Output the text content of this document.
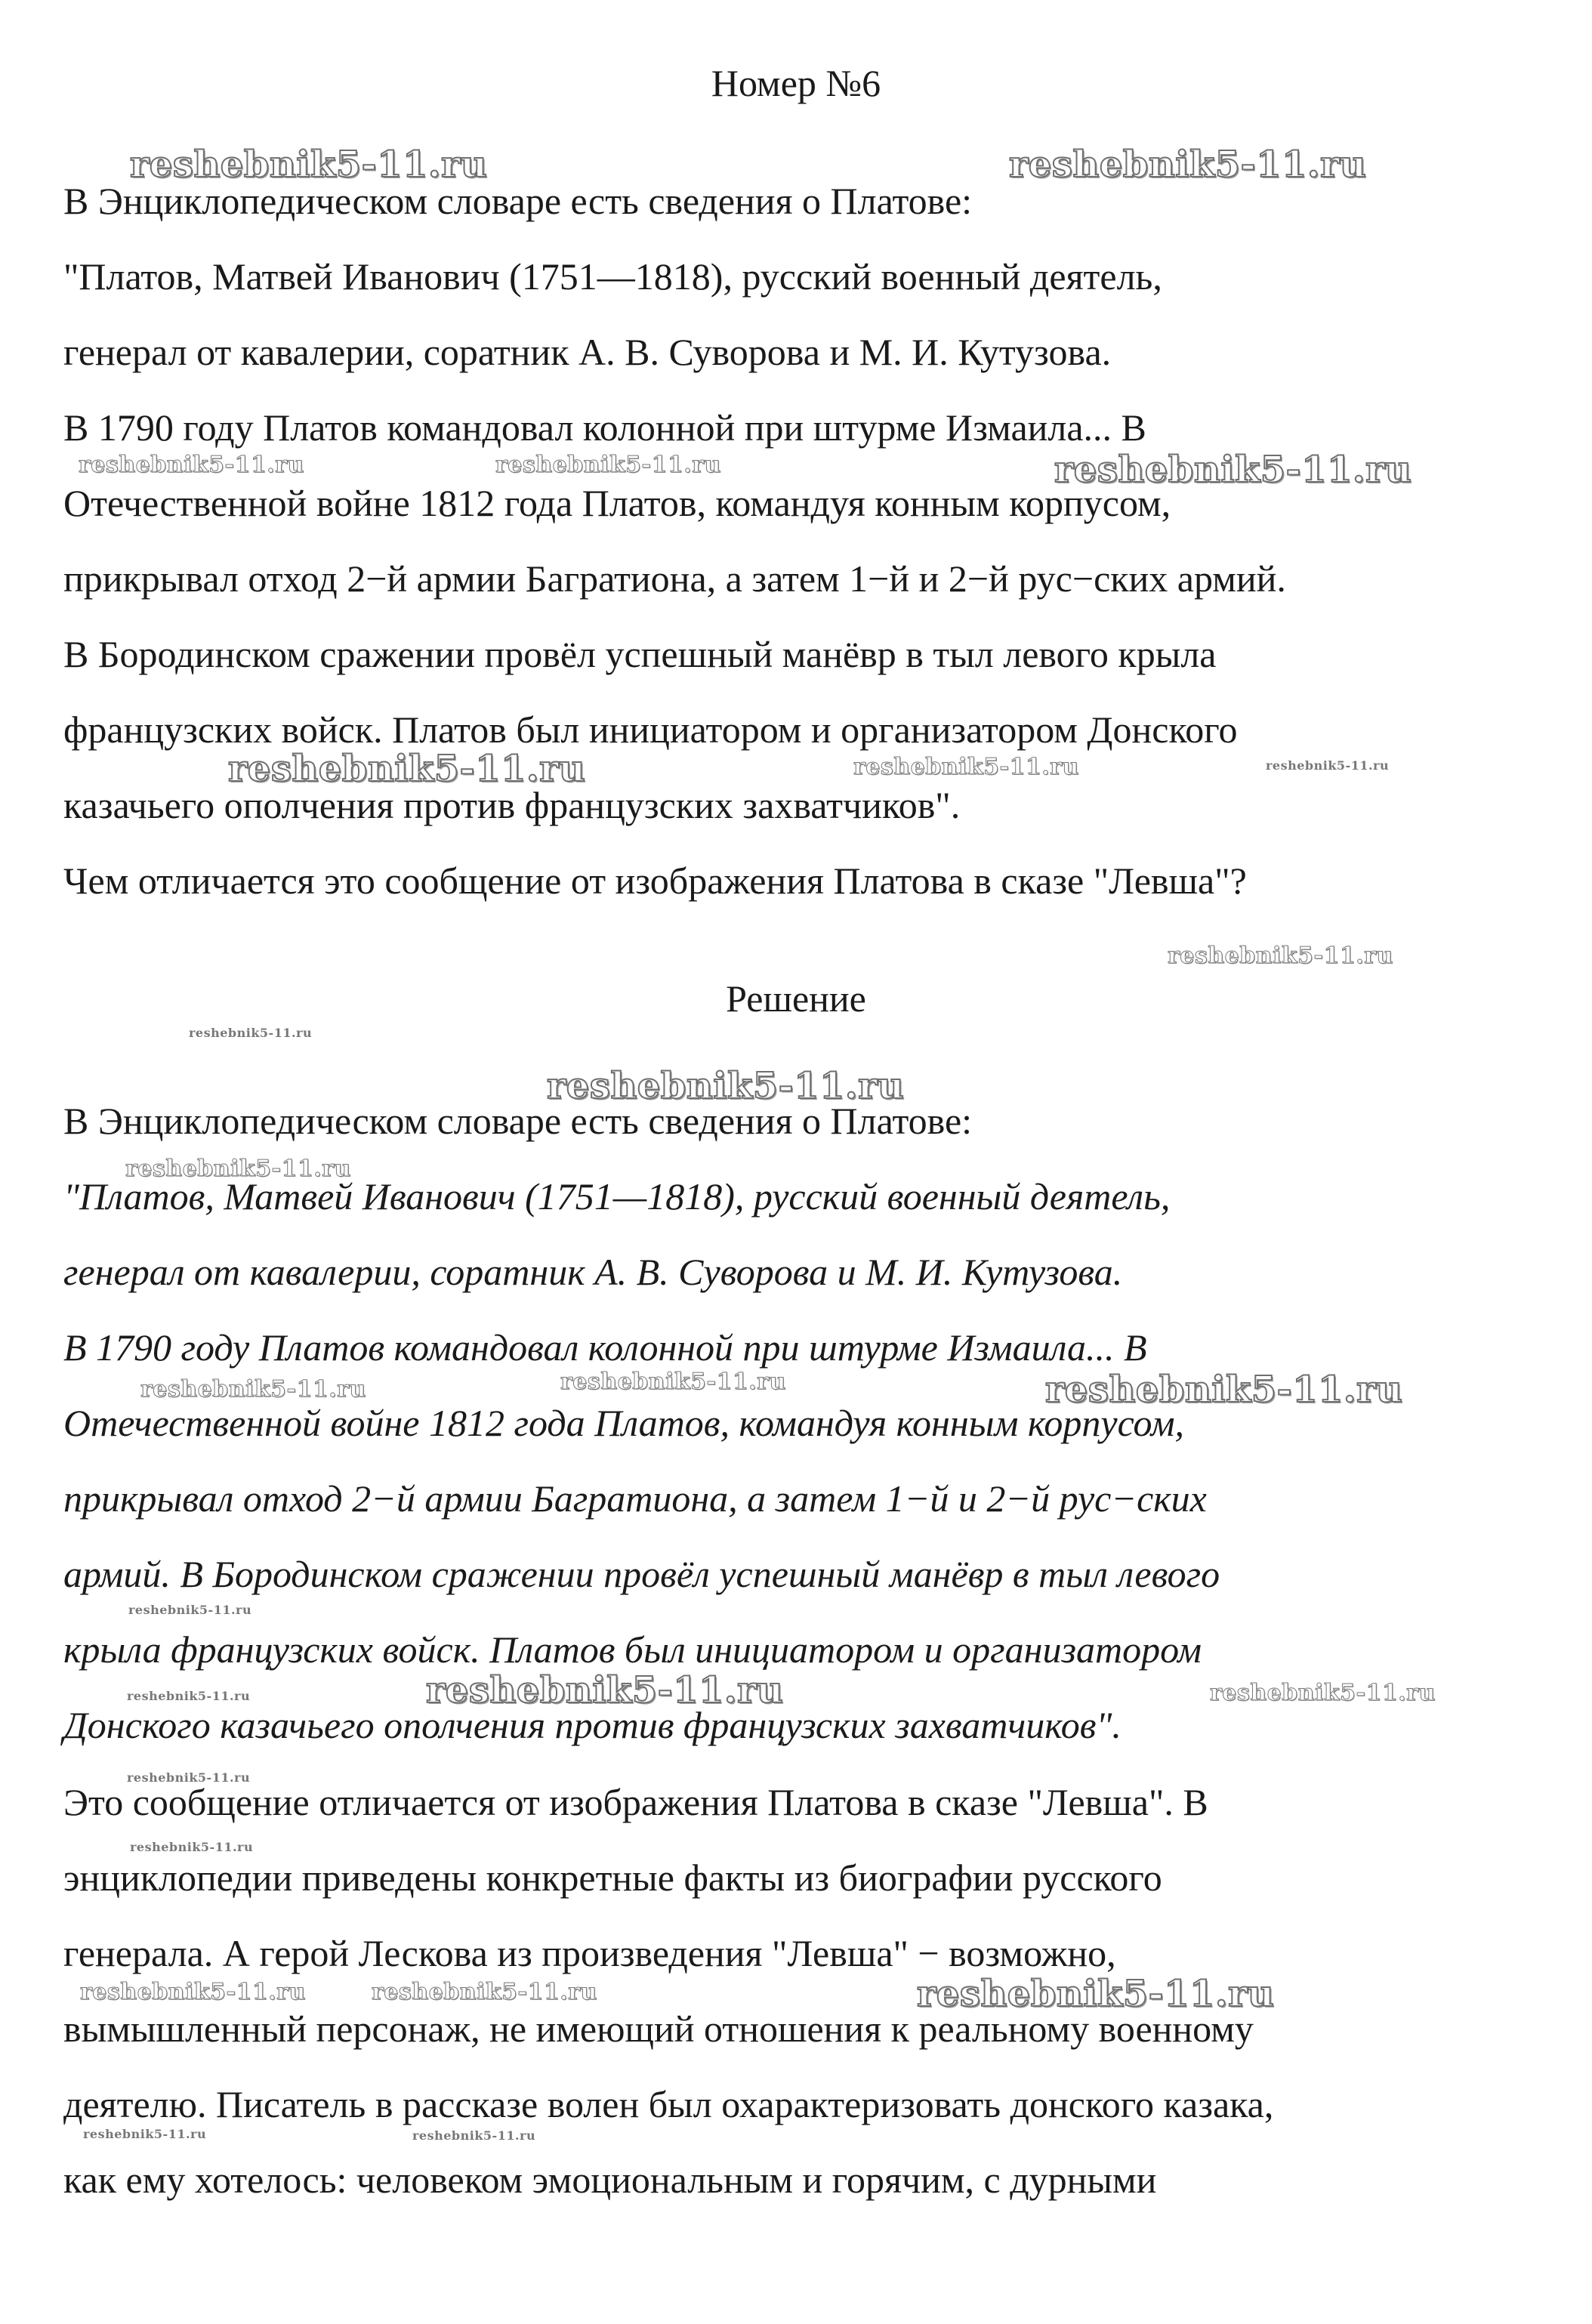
Номер №6
В Энциклопедическом словаре есть сведения о Платове:
"Платов, Матвей Иванович (1751—1818), русский военный деятель,
генерал от кавалерии, соратник А. В. Суворова и М. И. Кутузова.
В 1790 году Платов командовал колонной при штурме Измаила... В
Отечественной войне 1812 года Платов, командуя конным корпусом,
прикрывал отход 2−й армии Багратиона, а затем 1−й и 2−й рус−ских армий.
В Бородинском сражении провёл успешный манёвр в тыл левого крыла
французских войск. Платов был инициатором и организатором Донского
казачьего ополчения против французских захватчиков".
Чем отличается это сообщение от изображения Платова в сказе "Левша"?
Решение
В Энциклопедическом словаре есть сведения о Платове:
"Платов, Матвей Иванович (1751—1818), русский военный деятель,
генерал от кавалерии, соратник А. В. Суворова и М. И. Кутузова.
В 1790 году Платов командовал колонной при штурме Измаила... В
Отечественной войне 1812 года Платов, командуя конным корпусом,
прикрывал отход 2−й армии Багратиона, а затем 1−й и 2−й рус−ских
армий. В Бородинском сражении провёл успешный манёвр в тыл левого
крыла французских войск. Платов был инициатором и организатором
Донского казачьего ополчения против французских захватчиков".
Это сообщение отличается от изображения Платова в сказе "Левша". В
энциклопедии приведены конкретные факты из биографии русского
генерала. А герой Лескова из произведения "Левша" − возможно,
вымышленный персонаж, не имеющий отношения к реальному военному
деятелю. Писатель в рассказе волен был охарактеризовать донского казака,
как ему хотелось: человеком эмоциональным и горячим, с дурными
reshebnik5-11.ru	reshebnik5-11.ru
reshebnik5-11.ru	reshebnik5-11.ru	reshebnik5-11.ru
reshebnik5-11.ru	reshebnik5-11.ru	reshebnik5-11.ru
reshebnik5-11.ru
reshebnik5-11.ru
reshebnik5-11.ru
reshebnik5-11.ru
reshebnik5-11.ru	reshebnik5-11.ru	reshebnik5-11.ru
reshebnik5-11.ru
reshebnik5-11.ru	reshebnik5-11.ru
reshebnik5-11.ru
reshebnik5-11.ru
reshebnik5-11.ru
reshebnik5-11.ru	reshebnik5-11.ru	reshebnik5-11.ru
reshebnik5-11.ru	reshebnik5-11.ru
